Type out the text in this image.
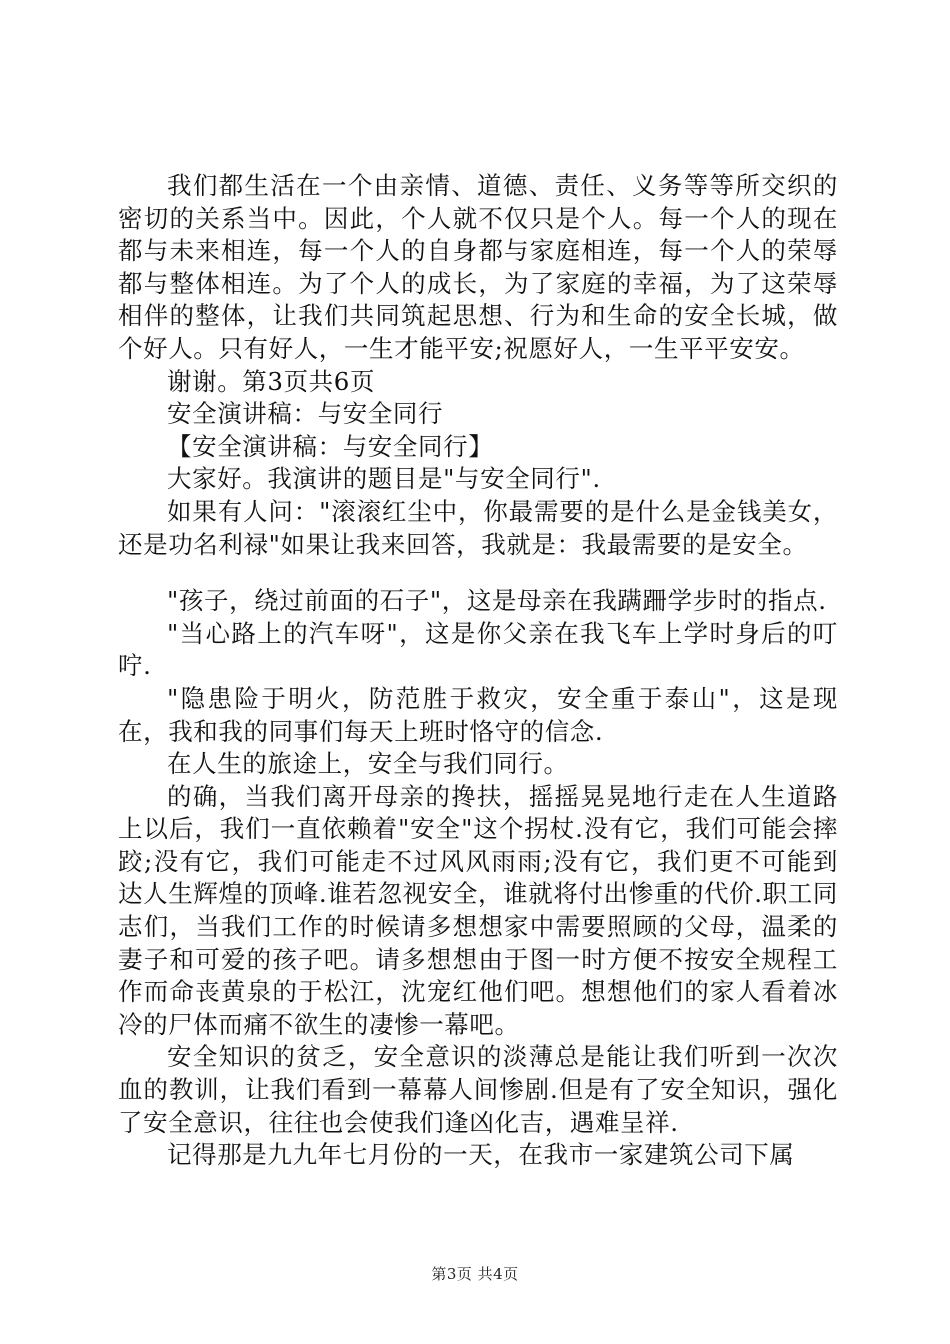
我们都生活在一个由亲情、道德、责任、义务等等所交织的密切的关系当中。因此，个人就不仅只是个人。每一个人的现在都与未来相连，每一个人的自身都与家庭相连，每一个人的荣辱都与整体相连。为了个人的成长，为了家庭的幸福，为了这荣辱相伴的整体，让我们共同筑起思想、行为和生命的安全长城，做个好人。只有好人，一生才能平安;祝愿好人，一生平平安安。

谢谢。第3页共6页

安全演讲稿：与安全同行

【安全演讲稿：与安全同行】

大家好。我演讲的题目是"与安全同行".

如果有人问："滚滚红尘中，你最需要的是什么是金钱美女，还是功名利禄"如果让我来回答，我就是：我最需要的是安全。

"孩子，绕过前面的石子"，这是母亲在我蹒跚学步时的指点.

"当心路上的汽车呀"，这是你父亲在我飞车上学时身后的叮咛.

"隐患险于明火，防范胜于救灾，安全重于泰山"，这是现在，我和我的同事们每天上班时恪守的信念.

在人生的旅途上，安全与我们同行。

的确，当我们离开母亲的搀扶，摇摇晃晃地行走在人生道路上以后，我们一直依赖着"安全"这个拐杖.没有它，我们可能会摔跤;没有它，我们可能走不过风风雨雨;没有它，我们更不可能到达人生辉煌的顶峰.谁若忽视安全，谁就将付出惨重的代价.职工同志们，当我们工作的时候请多想想家中需要照顾的父母，温柔的妻子和可爱的孩子吧。请多想想由于图一时方便不按安全规程工作而命丧黄泉的于松江，沈宠红他们吧。想想他们的家人看着冰冷的尸体而痛不欲生的凄惨一幕吧。

安全知识的贫乏，安全意识的淡薄总是能让我们听到一次次血的教训，让我们看到一幕幕人间惨剧.但是有了安全知识，强化了安全意识，往往也会使我们逢凶化吉，遇难呈祥.

记得那是九九年七月份的一天，在我市一家建筑公司下属

第3页 共4页
